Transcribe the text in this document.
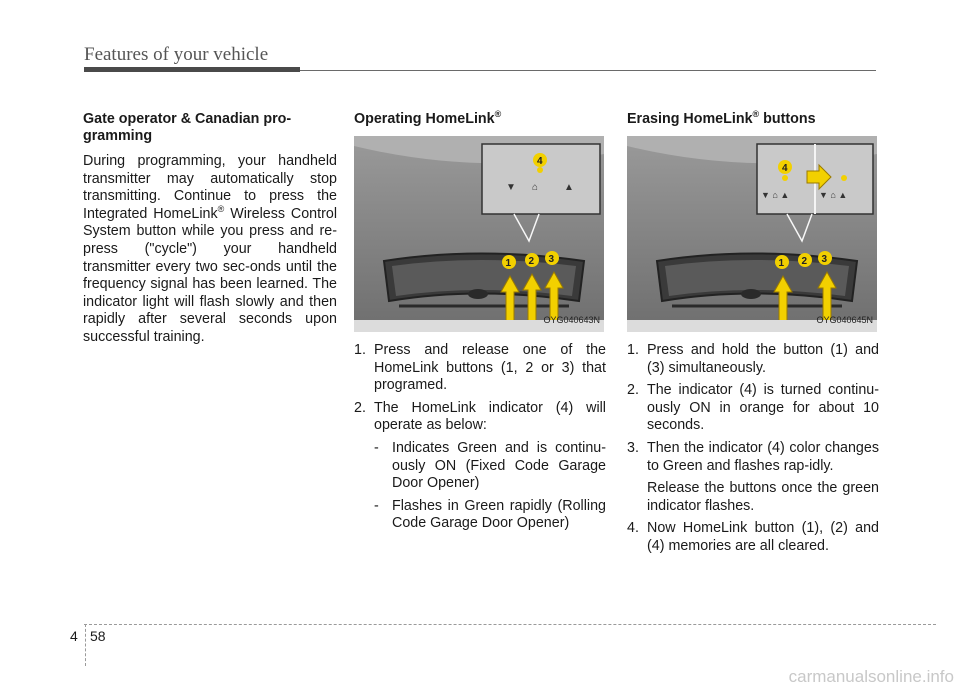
Features of your vehicle
Gate operator & Canadian pro-gramming

During programming, your handheld transmitter may automatically stop transmitting. Continue to press the Integrated HomeLink® Wireless Control System button while you press and re-press ("cycle") your handheld transmitter every two sec-onds until the frequency signal has been learned. The indicator light will flash slowly and then rapidly after several seconds upon successful training.

Operating HomeLink®
▼ ⌂	▲
4
1 2 3
OYG040643N
1. Press and release one of the HomeLink buttons (1, 2 or 3) that programed.
2. The HomeLink indicator (4) will operate as below:
- Indicates Green and is continu-ously ON (Fixed Code Garage Door Opener)
- Flashes in Green rapidly (Rolling Code Garage Door Opener)
Erasing HomeLink® buttons
▼ ⌂ ▲	▼ ⌂ ▲
4
1 2 3
OYG040645N
1. Press and hold the button (1) and (3) simultaneously.
2. The indicator (4) is turned continu-ously ON in orange for about 10 seconds.
3. Then the indicator (4) color changes to Green and flashes rap-idly.

Release the buttons once the green indicator flashes.

4. Now HomeLink button (1), (2) and (4) memories are all cleared.
4 58
carmanualsonline.info
